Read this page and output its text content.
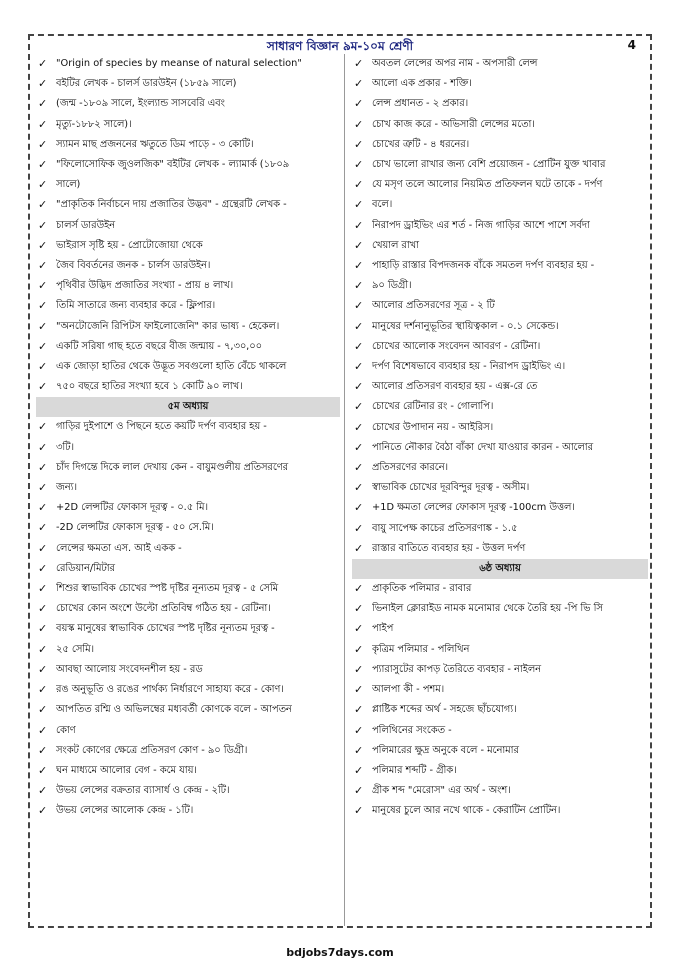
সাধারণ বিজ্ঞান ৯ম-১০ম শ্রেণী	4
✓ "Origin of species by meanse of natural selection"
✓ বইটির লেখক - চালর্স ডারউইন (১৮৫৯ সালে)
✓ (জন্ম -১৮০৯ সালে, ইংল্যান্ড সাসবেরি এবং
✓ মৃত্যু-১৮৮২ সালে)।
✓ স্যামন মাছ প্রজননের ঋতুতে ডিম পাড়ে - ৩ কোটি।
✓ "ফিলোসোফিক জুওলজিক" বইটির লেখক - ল্যামার্ক (১৮০৯
✓ সালে)
✓ "প্রাকৃতিক নির্বাচনে দায় প্রজাতির উদ্ভব" - গ্রন্থেরটি লেখক -
✓ চালর্স ডারউইন
✓ ভাইরাস সৃষ্টি হয় - প্রোটোজোয়া থেকে
✓ জৈব বিবর্তনের জনক - চার্লস ডারউইন।
✓ পৃথিবীর উদ্ভিদ প্রজাতির সংখ্যা - প্রায় ৪ লাখ।
✓ তিমি সাতারে জন্য ব্যবহার করে - ফ্লিপার।
✓ "অনটোজেনি রিপিটস ফাইলোজেনি" কার ভাষ্য - হেকেল।
✓ একটি সরিষা গাছ হতে বছরে বীজ জন্মায় - ৭,৩০,০০
✓ এক জোড়া হাতির থেকে উদ্ভূত সবগুলো হাতি বেঁচে থাকলে
✓ ৭৫০ বছরে হাতির সংখ্যা হবে ১ কোটি ৯০ লাখ।
৫ম অধ্যায়
✓ গাড়ির দুইপাশে ও পিছনে হতে কয়টি দর্পণ ব্যবহার হয় -
✓ ৩টি।
✓ চাঁদ দিগন্তে দিকে লাল দেখায় কেন - বায়ুমণ্ডলীয় প্রতিসরণের
✓ জন্য।
✓ +2D লেন্সটির ফোকাস দূরত্ব - ০.৫ মি।
✓ -2D লেন্সটির ফোকাস দূরত্ব - ৫০ সে.মি।
✓ লেন্সের ক্ষমতা এস. আই একক -
✓ রেডিয়ান/মিটার
✓ শিশুর স্বাভাবিক চোখের স্পষ্ট দৃষ্টির নূন্যতম দূরত্ব - ৫ সেমি
✓ চোখের কোন অংশে উল্টো প্রতিবিম্ব গঠিত হয় - রেটিনা।
✓ বয়স্ক মানুষের স্বাভাবিক চোখের স্পষ্ট দৃষ্টির নূন্যতম দূরত্ব -
✓ ২৫ সেমি।
✓ আবছা আলোয় সংবেদনশীল হয় - রড
✓ রঙ অনুভূতি ও রঙের পার্থক্য নির্ধারণে সাহায্য করে - কোণ।
✓ আপতিত রশ্মি ও অভিলম্বের মধ্যবর্তী কোণকে বলে - আপতন
✓ কোণ
✓ সংকট কোণের ক্ষেত্রে প্রতিসরণ কোণ - ৯০ ডিগ্রী।
✓ ঘন মাধ্যমে আলোর বেগ - কমে যায়।
✓ উভয় লেন্সের বক্রতার ব্যাসার্ধ ও কেন্দ্র - ২টি।
✓ উভয় লেন্সের আলোক কেন্দ্র - ১টি।
✓ অবতল লেন্সের অপর নাম - অপসারী লেন্স
✓ আলো এক প্রকার - শক্তি।
✓ লেন্স প্রধানত - ২ প্রকার।
✓ চোখ কাজ করে - অভিসারী লেন্সের মতো।
✓ চোখের ত্রুটি - ৪ ধরনের।
✓ চোখ ভালো রাখার জন্য বেশি প্রয়োজন - প্রোটিন যুক্ত খাবার
✓ যে মসৃণ তলে আলোর নিয়মিত প্রতিফলন ঘটে তাকে - দর্পণ
✓ বলে।
✓ নিরাপদ ড্রাইভিং এর শর্ত - নিজ গাড়ির আশে পাশে সর্বদা
✓ খেয়াল রাখা
✓ পাহাড়ি রাস্তার বিপদজনক বাঁকে সমতল দর্পণ ব্যবহার হয় -
✓ ৯০ ডিগ্রী।
✓ আলোর প্রতিসরণের সূত্র - ২ টি
✓ মানুষের দর্শনানুভূতির স্থায়িত্বকাল - ০.১ সেকেন্ড।
✓ চোখের আলোক সংবেদন আবরণ - রেটিনা।
✓ দর্পণ বিশেষভাবে ব্যবহার হয় - নিরাপদ ড্রাইভিং এ।
✓ আলোর প্রতিসরণ ব্যবহার হয় - এক্স-রে তে
✓ চোখের রেটিনার রং - গোলাপি।
✓ চোখের উপাদান নয় - আইরিস।
✓ পানিতে নৌকার বৈঠা বাঁকা দেখা যাওয়ার কারন - আলোর
✓ প্রতিসরণের কারনে।
✓ স্বাভাবিক চোখের দূরবিন্দুর দূরত্ব - অসীম।
✓ +1D ক্ষমতা লেন্সের ফোকাস দূরত্ব -100cm উত্তল।
✓ বায়ু সাপেক্ষ কাচের প্রতিসরণাঙ্ক - ১.৫
✓ রাস্তার বাতিতে ব্যবহার হয় - উত্তল দর্পণ
৬ষ্ঠ অধ্যায়
✓ প্রাকৃতিক পলিমার - রাবার
✓ ভিনাইল ক্লোরাইড নামক মনোমার থেকে তৈরি হয় -পি ভি সি
✓ পাইপ
✓ কৃত্রিম পলিমার - পলিথিন
✓ প্যারাসুটের কাপড় তৈরিতে ব্যবহার - নাইলন
✓ আলপা কী - পশম।
✓ প্লাষ্টিক শব্দের অর্থ - সহজে ছাঁচযোগ্য।
✓ পলিথিনের সংকেত -
✓ পলিমারের ক্ষুদ্র অনুকে বলে - মনোমার
✓ পলিমার শব্দটি - গ্রীক।
✓ গ্রীক শব্দ "মেরোস" এর অর্থ - অংশ।
✓ মানুষের চুলে আর নখে থাকে - কেরাটিন প্রোটিন।
bdjobs7days.com
